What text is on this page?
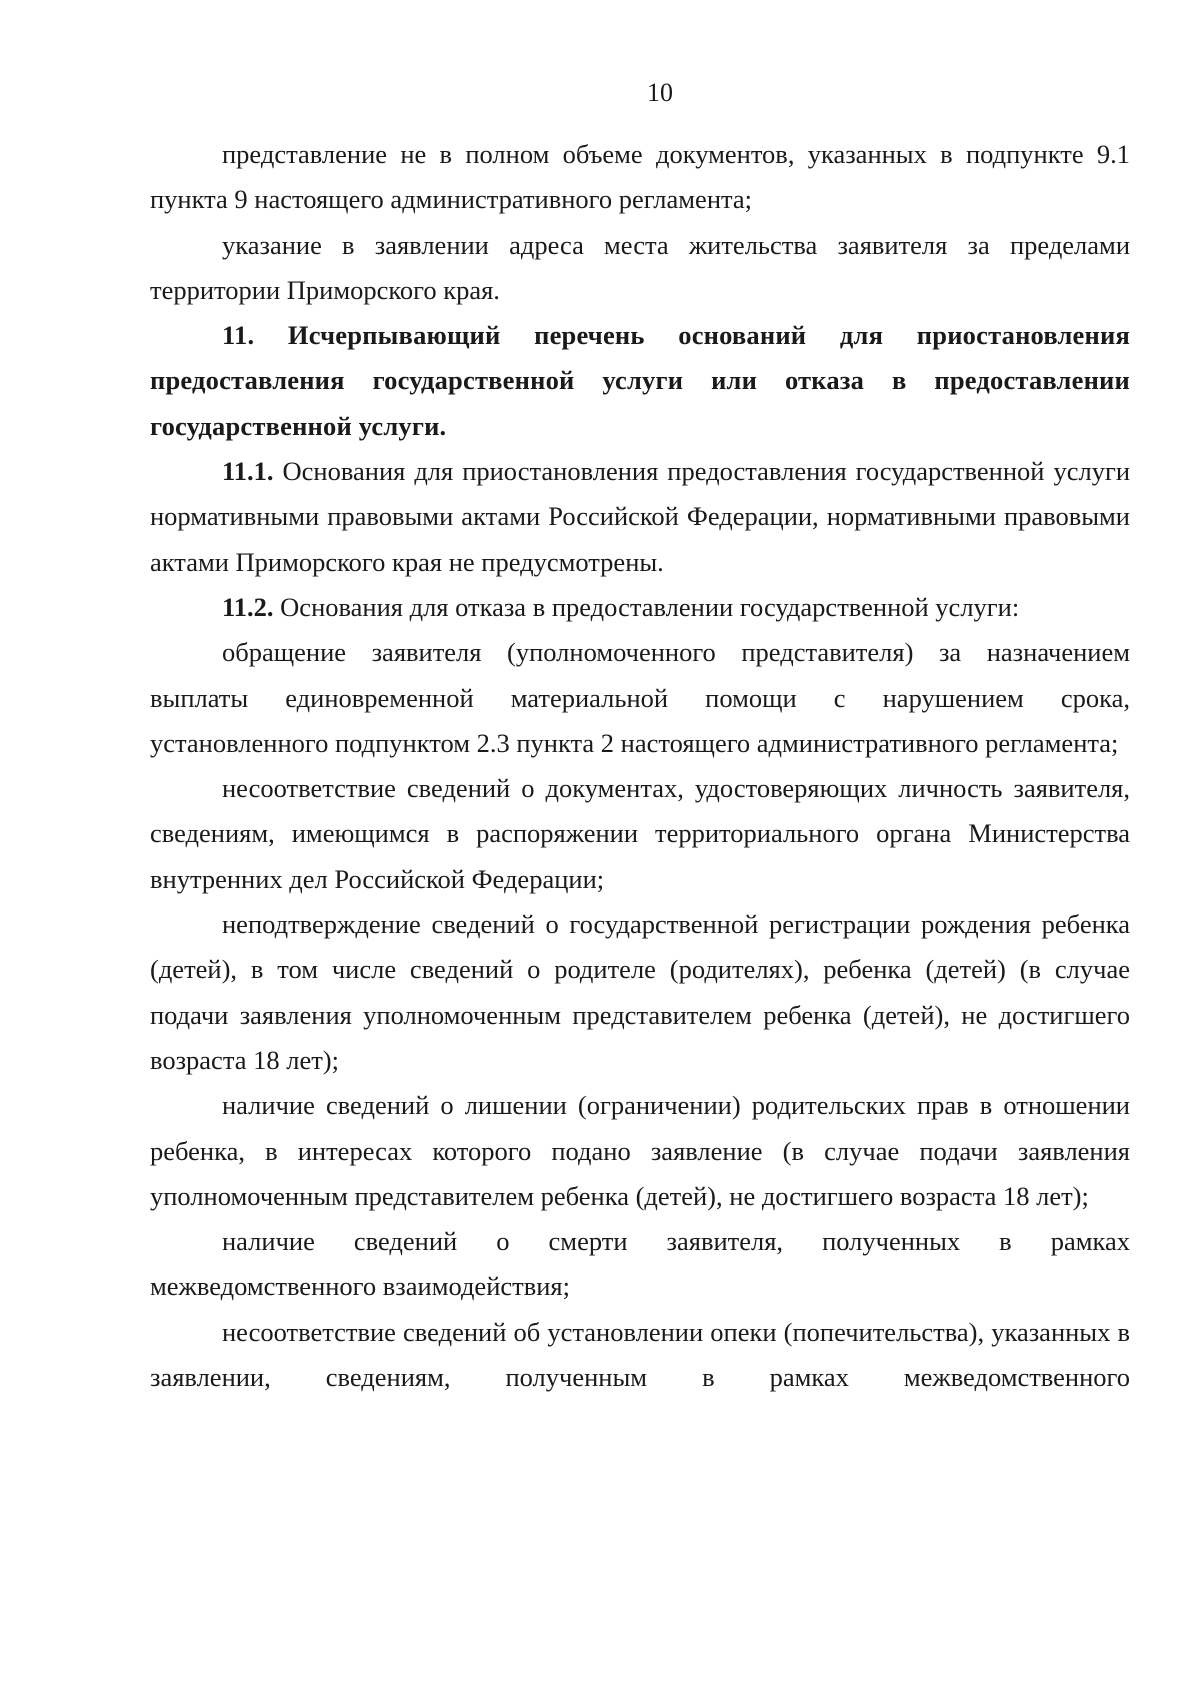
10

представление не в полном объеме документов, указанных в подпункте 9.1 пункта 9 настоящего административного регламента;

указание в заявлении адреса места жительства заявителя за пределами территории Приморского края.

11. Исчерпывающий перечень оснований для приостановления предоставления государственной услуги или отказа в предоставлении государственной услуги.

11.1. Основания для приостановления предоставления государственной услуги нормативными правовыми актами Российской Федерации, нормативными правовыми актами Приморского края не предусмотрены.

11.2. Основания для отказа в предоставлении государственной услуги:

обращение заявителя (уполномоченного представителя) за назначением выплаты единовременной материальной помощи с нарушением срока, установленного подпунктом 2.3 пункта 2 настоящего административного регламента;

несоответствие сведений о документах, удостоверяющих личность заявителя, сведениям, имеющимся в распоряжении территориального органа Министерства внутренних дел Российской Федерации;

неподтверждение сведений о государственной регистрации рождения ребенка (детей), в том числе сведений о родителе (родителях), ребенка (детей) (в случае подачи заявления уполномоченным представителем ребенка (детей), не достигшего возраста 18 лет);

наличие сведений о лишении (ограничении) родительских прав в отношении ребенка, в интересах которого подано заявление (в случае подачи заявления уполномоченным представителем ребенка (детей), не достигшего возраста 18 лет);

наличие сведений о смерти заявителя, полученных в рамках межведомственного взаимодействия;

несоответствие сведений об установлении опеки (попечительства), указанных в заявлении, сведениям, полученным в рамках межведомственного
